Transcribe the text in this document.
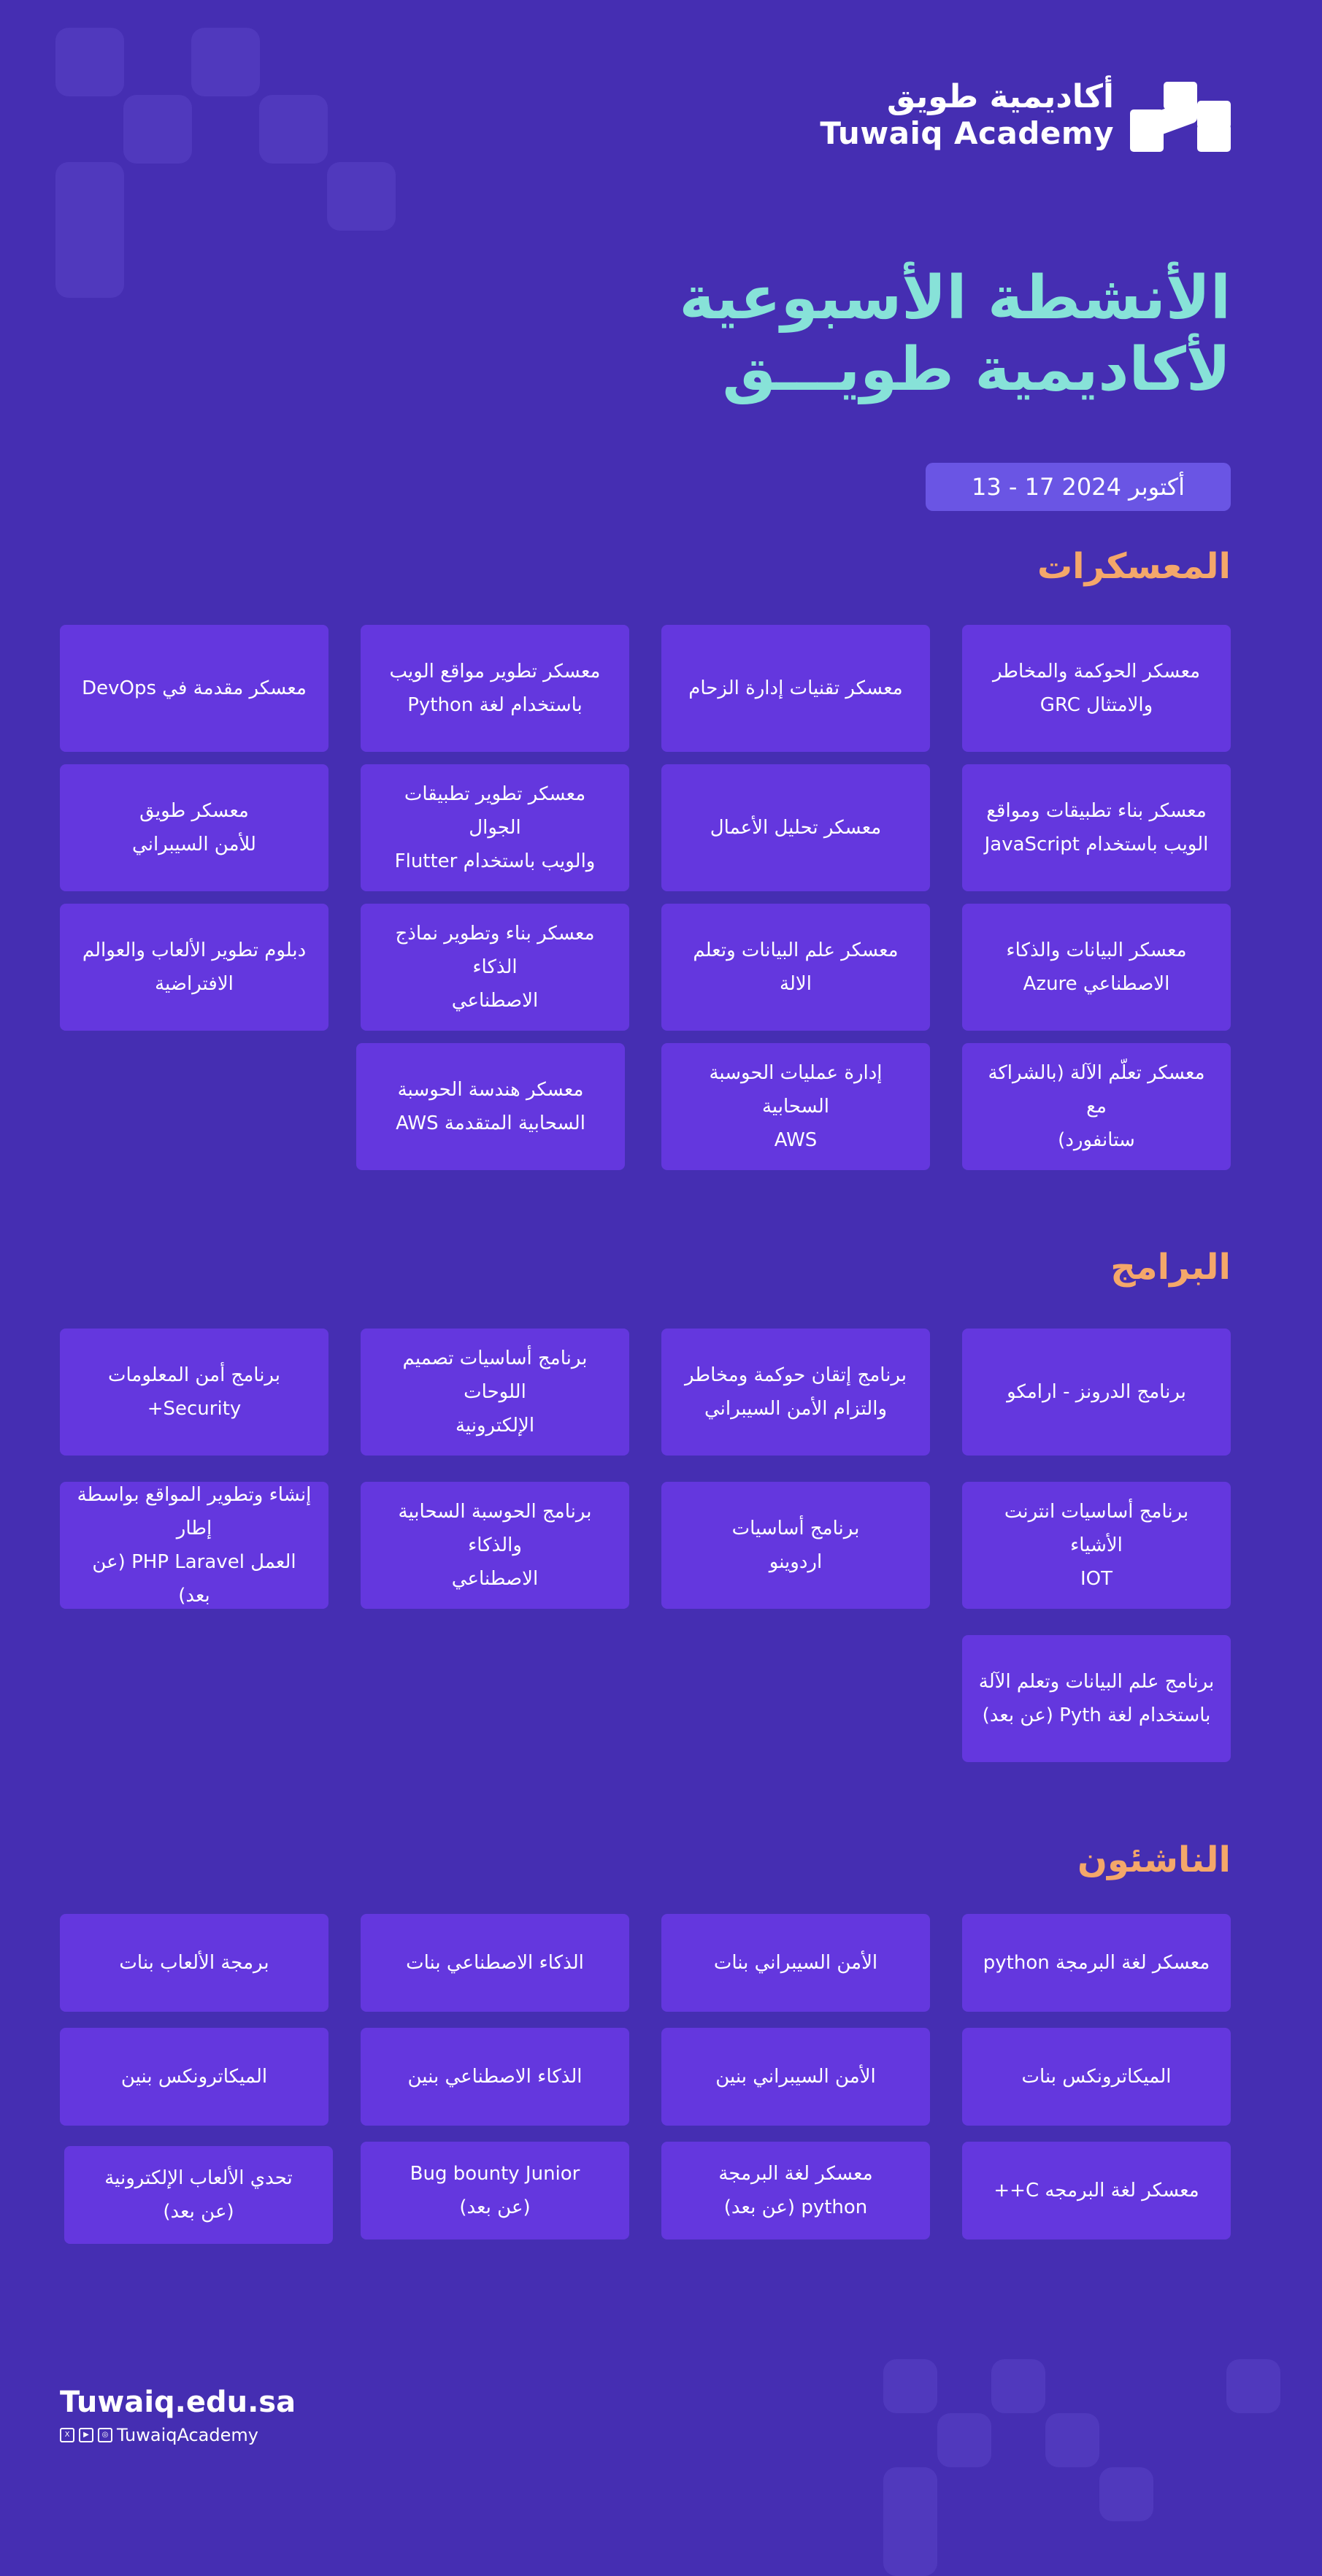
أكاديمية طويق
Tuwaiq Academy
الأنشطة الأسبوعية
لأكاديمية طويـــق
13 - 17 أكتوبر 2024
المعسكرات
البرامج
الناشئون
معسكر الحوكمة والمخاطر
والامتثال GRC
معسكر تقنيات إدارة الزحام
معسكر تطوير مواقع الويب
باستخدام لغة Python
معسكر مقدمة في DevOps
معسكر بناء تطبيقات ومواقع
الويب باستخدام JavaScript
معسكر تحليل الأعمال
معسكر تطوير تطبيقات الجوال
والويب باستخدام Flutter
معسكر طويق
للأمن السيبراني
معسكر البيانات والذكاء
الاصطناعي Azure
معسكر علم البيانات وتعلم الالة
معسكر بناء وتطوير نماذج الذكاء
الاصطناعي
دبلوم تطوير الألعاب والعوالم
الافتراضية
معسكر تعلّم الآلة (بالشراكة مع
ستانفورد)
إدارة عمليات الحوسبة السحابية
AWS
معسكر هندسة الحوسبة
السحابية المتقدمة AWS
برنامج الدرونز - ارامكو
برنامج إتقان حوكمة ومخاطر
والتزام الأمن السيبراني
برنامج أساسيات تصميم اللوحات
الإلكترونية
برنامج أمن المعلومات
Security+
برنامج أساسيات انترنت الأشياء
IOT
برنامج أساسيات
اردوينو
برنامج الحوسبة السحابية والذكاء
الاصطناعي
إنشاء وتطوير المواقع بواسطة إطار
العمل PHP Laravel (عن بعد)
برنامج علم البيانات وتعلم الآلة
باستخدام لغة Pyth (عن بعد)
معسكر لغة البرمجة python
الأمن السيبراني بنات
الذكاء الاصطناعي بنات
برمجة الألعاب بنات
الميكاترونكس بنات
الأمن السيبراني بنين
الذكاء الاصطناعي بنين
الميكاترونكس بنين
معسكر لغة البرمجه C++
معسكر لغة البرمجة
python (عن بعد)
Bug bounty Junior
(عن بعد)
تحدي الألعاب الإلكترونية
(عن بعد)
Tuwaiq.edu.sa
X	▶	◎ TuwaiqAcademy
